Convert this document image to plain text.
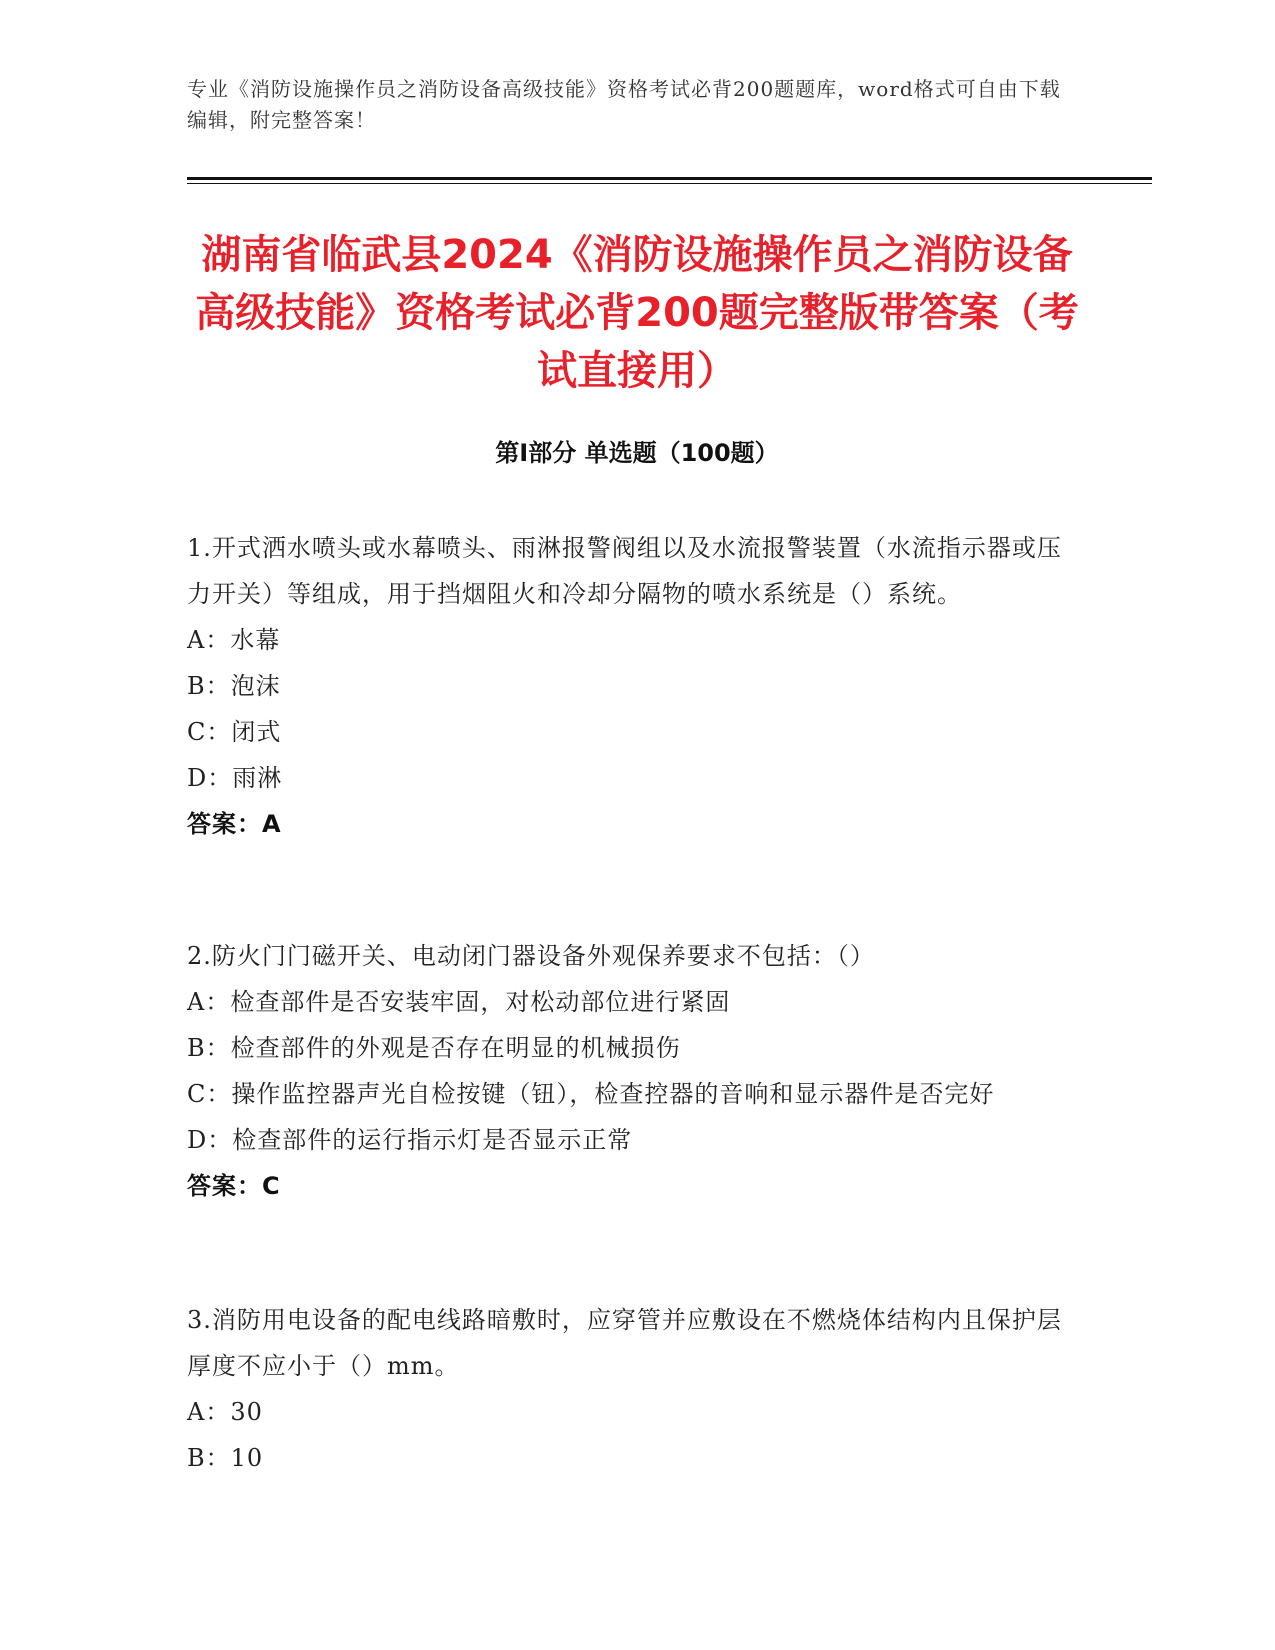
专业《消防设施操作员之消防设备高级技能》资格考试必背200题题库，word格式可自由下载编辑，附完整答案！
湖南省临武县2024《消防设施操作员之消防设备高级技能》资格考试必背200题完整版带答案（考试直接用）
第Ⅰ部分 单选题（100题）
1.开式洒水喷头或水幕喷头、雨淋报警阀组以及水流报警装置（水流指示器或压力开关）等组成，用于挡烟阻火和冷却分隔物的喷水系统是（）系统。
A：水幕
B：泡沫
C：闭式
D：雨淋
答案：A
2.防火门门磁开关、电动闭门器设备外观保养要求不包括：（）
A：检查部件是否安装牢固，对松动部位进行紧固
B：检查部件的外观是否存在明显的机械损伤
C：操作监控器声光自检按键（钮），检查控器的音响和显示器件是否完好
D：检查部件的运行指示灯是否显示正常
答案：C
3.消防用电设备的配电线路暗敷时，应穿管并应敷设在不燃烧体结构内且保护层厚度不应小于（）mm。
A：30
B：10
